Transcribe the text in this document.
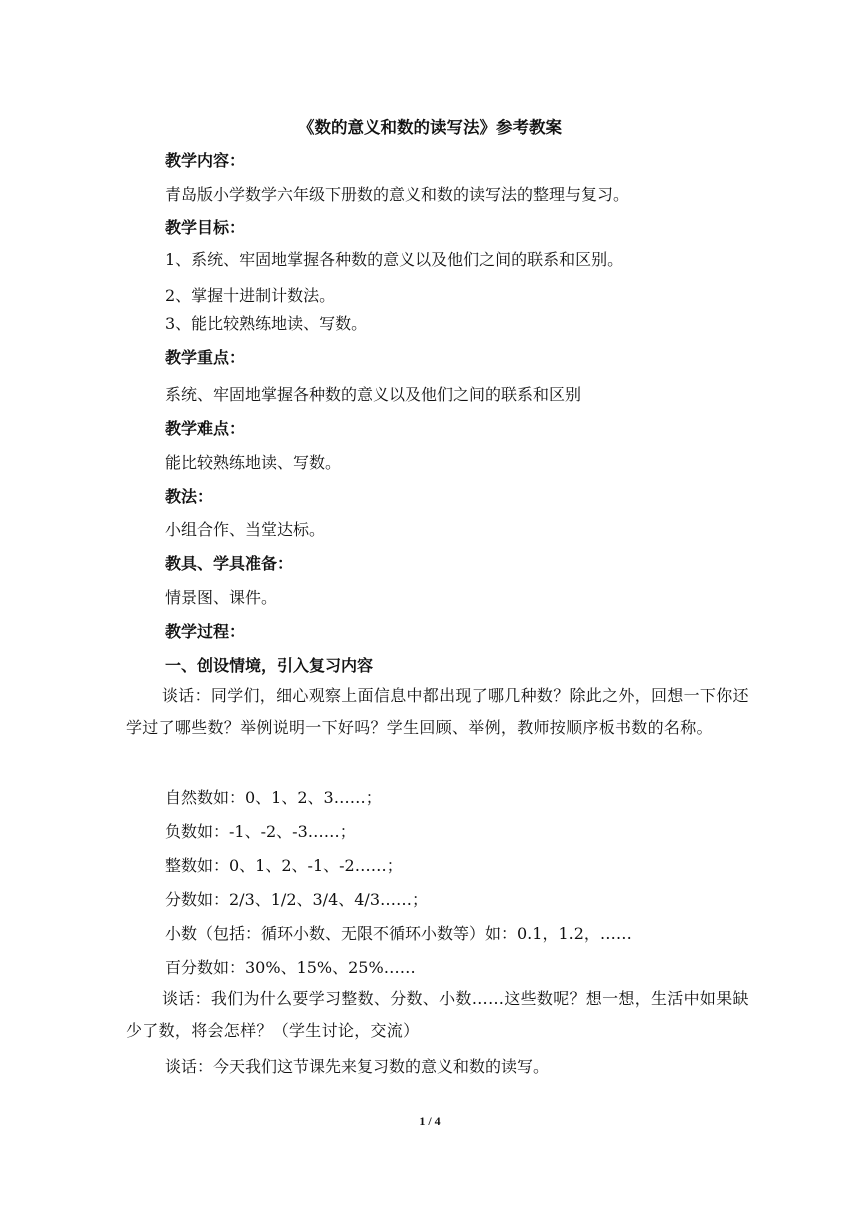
《数的意义和数的读写法》参考教案
教学内容：
青岛版小学数学六年级下册数的意义和数的读写法的整理与复习。
教学目标：
1、系统、牢固地掌握各种数的意义以及他们之间的联系和区别。
2、掌握十进制计数法。
3、能比较熟练地读、写数。
教学重点：
系统、牢固地掌握各种数的意义以及他们之间的联系和区别
教学难点：
能比较熟练地读、写数。
教法：
小组合作、当堂达标。
教具、学具准备：
情景图、课件。
教学过程：
一、创设情境，引入复习内容
谈话：同学们，细心观察上面信息中都出现了哪几种数？除此之外，回想一下你还学过了哪些数？举例说明一下好吗？学生回顾、举例，教师按顺序板书数的名称。
自然数如：0、1、2、3……；
负数如：-1、-2、-3……；
整数如：0、1、2、-1、-2……；
分数如：2/3、1/2、3/4、4/3……；
小数（包括：循环小数、无限不循环小数等）如：0.1，1.2，……
百分数如：30%、15%、25%……
谈话：我们为什么要学习整数、分数、小数……这些数呢？想一想，生活中如果缺少了数，将会怎样？（学生讨论，交流）
谈话：今天我们这节课先来复习数的意义和数的读写。
1 / 4
